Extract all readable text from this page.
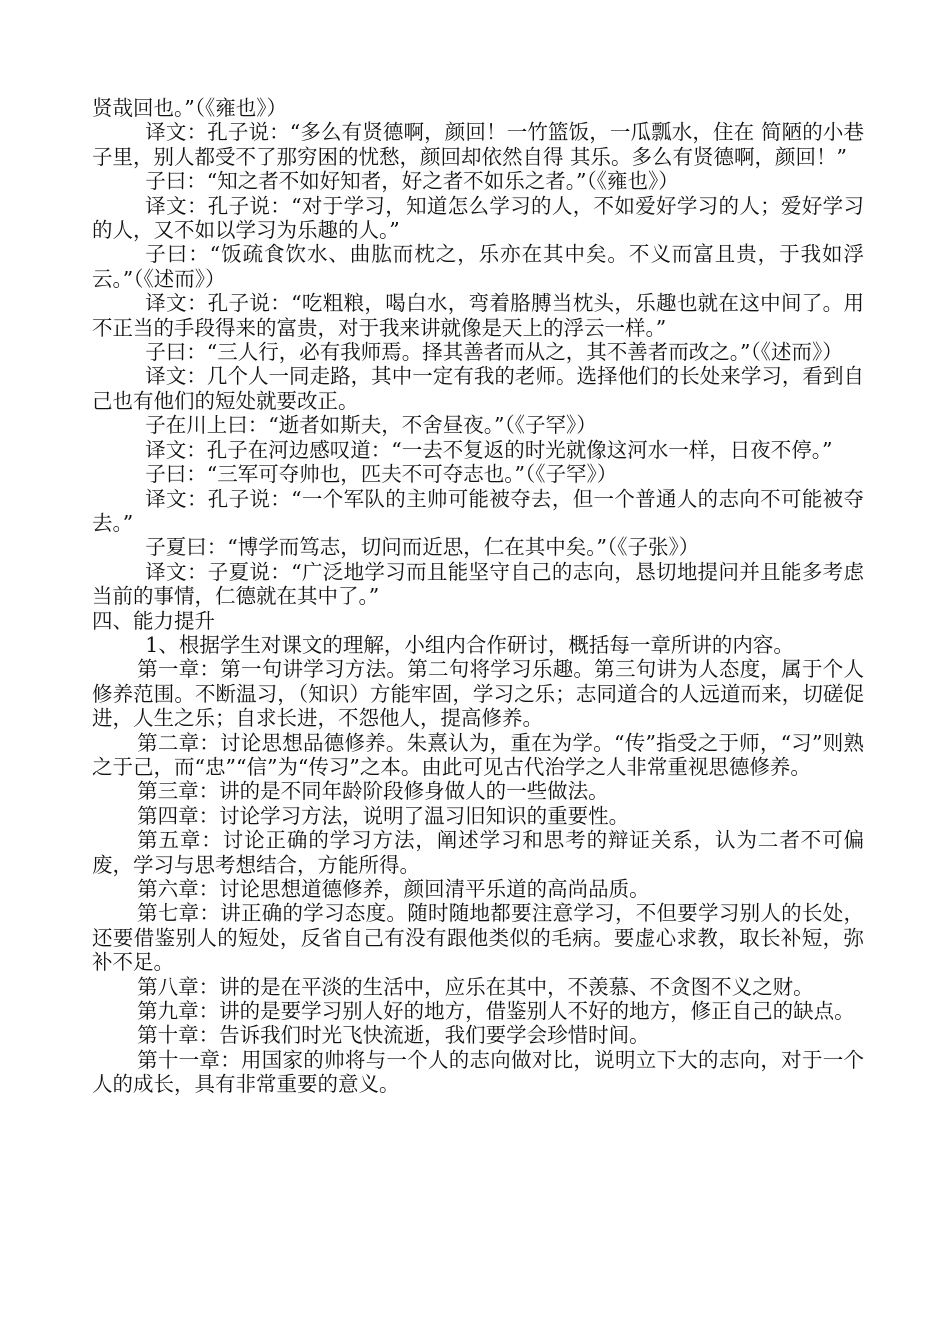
贤哉回也。”（《雍也》）

译文：孔子说：“多么有贤德啊，颜回！一竹篮饭，一瓜瓢水，住在 简陋的小巷子里，别人都受不了那穷困的忧愁，颜回却依然自得 其乐。多么有贤德啊，颜回！”

子曰：“知之者不如好知者，好之者不如乐之者。”（《雍也》）

译文：孔子说：“对于学习，知道怎么学习的人，不如爱好学习的人；爱好学习的人，又不如以学习为乐趣的人。”

子曰：“饭疏食饮水、曲肱而枕之，乐亦在其中矣。不义而富且贵，于我如浮云。”（《述而》）

译文：孔子说：“吃粗粮，喝白水，弯着胳膊当枕头，乐趣也就在这中间了。用不正当的手段得来的富贵，对于我来讲就像是天上的浮云一样。”

子曰：“三人行，必有我师焉。择其善者而从之，其不善者而改之。”（《述而》）

译文：几个人一同走路，其中一定有我的老师。选择他们的长处来学习，看到自己也有他们的短处就要改正。

子在川上曰：“逝者如斯夫，不舍昼夜。”（《子罕》）

译文：孔子在河边感叹道：“一去不复返的时光就像这河水一样，日夜不停。”

子曰：“三军可夺帅也，匹夫不可夺志也。”（《子罕》）

译文：孔子说：“一个军队的主帅可能被夺去，但一个普通人的志向不可能被夺去。”

子夏曰：“博学而笃志，切问而近思，仁在其中矣。”（《子张》）

译文：子夏说：“广泛地学习而且能坚守自己的志向，恳切地提问并且能多考虑当前的事情，仁德就在其中了。”

四、能力提升

1、根据学生对课文的理解，小组内合作研讨，概括每一章所讲的内容。

第一章：第一句讲学习方法。第二句将学习乐趣。第三句讲为人态度，属于个人修养范围。不断温习，（知识）方能牢固，学习之乐；志同道合的人远道而来，切磋促进，人生之乐；自求长进，不怨他人，提高修养。

第二章：讨论思想品德修养。朱熹认为，重在为学。“传”指受之于师，“习”则熟之于己，而“忠”“信”为“传习”之本。由此可见古代治学之人非常重视思德修养。

第三章：讲的是不同年龄阶段修身做人的一些做法。

第四章：讨论学习方法，说明了温习旧知识的重要性。

第五章：讨论正确的学习方法，阐述学习和思考的辩证关系，认为二者不可偏废，学习与思考想结合，方能所得。

第六章：讨论思想道德修养，颜回清平乐道的高尚品质。

第七章：讲正确的学习态度。随时随地都要注意学习，不但要学习别人的长处，还要借鉴别人的短处，反省自己有没有跟他类似的毛病。要虚心求教，取长补短，弥补不足。

第八章：讲的是在平淡的生活中，应乐在其中，不羡慕、不贪图不义之财。

第九章：讲的是要学习别人好的地方，借鉴别人不好的地方，修正自己的缺点。

第十章：告诉我们时光飞快流逝，我们要学会珍惜时间。

第十一章：用国家的帅将与一个人的志向做对比，说明立下大的志向，对于一个人的成长，具有非常重要的意义。
